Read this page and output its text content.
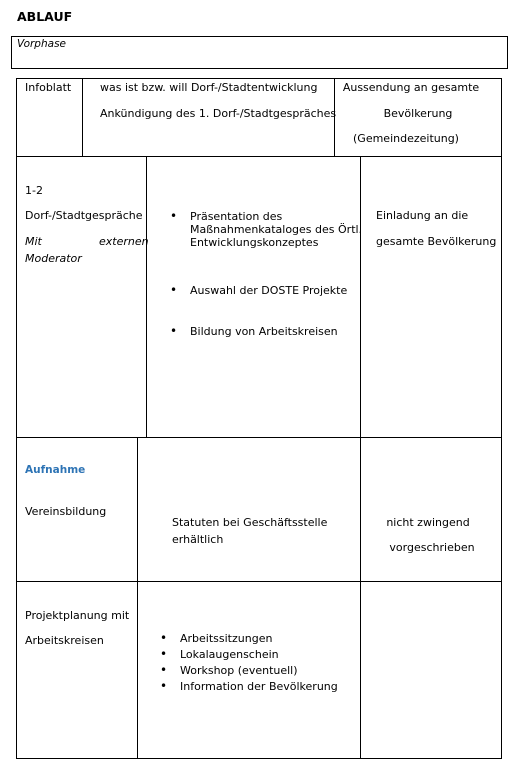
ABLAUF
Vorphase
Infoblatt	was ist bzw. will Dorf-/Stadtentwicklung
Ankündigung des 1. Dorf-/Stadtgespräches
Aussendung an gesamte
Bevölkerung
(Gemeindezeitung)
1-2
Dorf-/Stadtgespräche
Mit	externen
Moderator
• Präsentation des
Maßnahmenkataloges des Örtl.
Entwicklungskonzeptes
• Auswahl der DOSTE Projekte
• Bildung von Arbeitskreisen
Einladung an die
gesamte Bevölkerung
Aufnahme
Vereinsbildung
Statuten bei Geschäftsstelle
erhältlich
nicht zwingend
vorgeschrieben
Projektplanung mit
Arbeitskreisen
•	Arbeitssitzungen
• Lokalaugenschein
• Workshop (eventuell)
• Information der Bevölkerung
